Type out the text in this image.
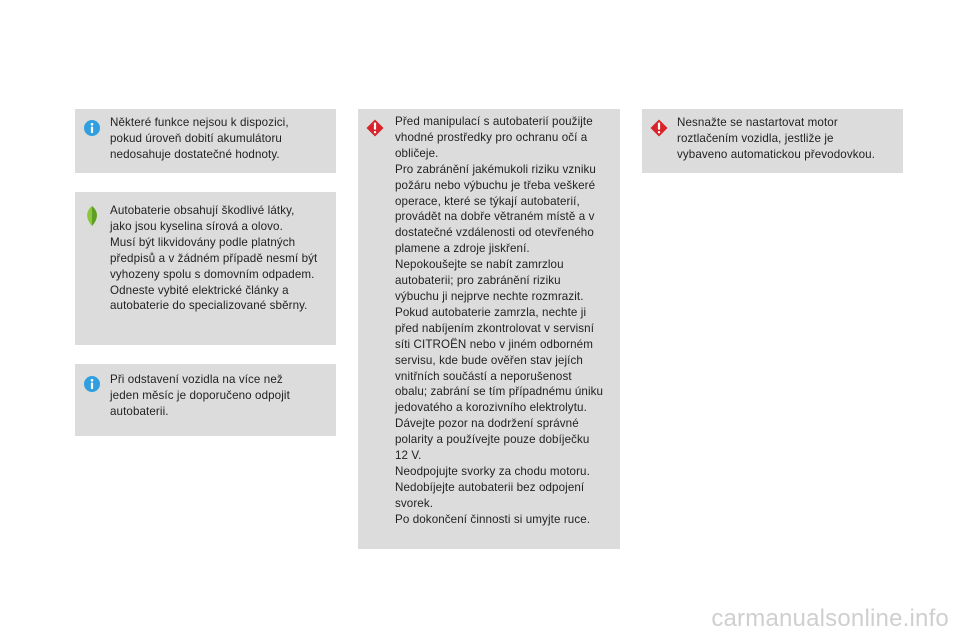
Některé funkce nejsou k dispozici,
pokud úroveň dobití akumulátoru
nedosahuje dostatečné hodnoty.

Autobaterie obsahují škodlivé látky,
jako jsou kyselina sírová a olovo.
Musí být likvidovány podle platných
předpisů a v žádném případě nesmí být
vyhozeny spolu s domovním odpadem.
Odneste vybité elektrické články a
autobaterie do specializované sběrny.

Při odstavení vozidla na více než
jeden měsíc je doporučeno odpojit
autobaterii.

Před manipulací s autobaterií použijte
vhodné prostředky pro ochranu očí a
obličeje.
Pro zabránění jakémukoli riziku vzniku
požáru nebo výbuchu je třeba veškeré
operace, které se týkají autobaterií,
provádět na dobře větraném místě a v
dostatečné vzdálenosti od otevřeného
plamene a zdroje jiskření.
Nepokoušejte se nabít zamrzlou
autobaterii; pro zabránění riziku
výbuchu ji nejprve nechte rozmrazit.
Pokud autobaterie zamrzla, nechte ji
před nabíjením zkontrolovat v servisní
síti CITROËN nebo v jiném odborném
servisu, kde bude ověřen stav jejích
vnitřních součástí a neporušenost
obalu; zabrání se tím případnému úniku
jedovatého a korozivního elektrolytu.
Dávejte pozor na dodržení správné
polarity a používejte pouze dobíječku
12 V.
Neodpojujte svorky za chodu motoru.
Nedobíjejte autobaterii bez odpojení
svorek.
Po dokončení činnosti si umyjte ruce.

Nesnažte se nastartovat motor
roztlačením vozidla, jestliže je
vybaveno automatickou převodovkou.

carmanualsonline.info
